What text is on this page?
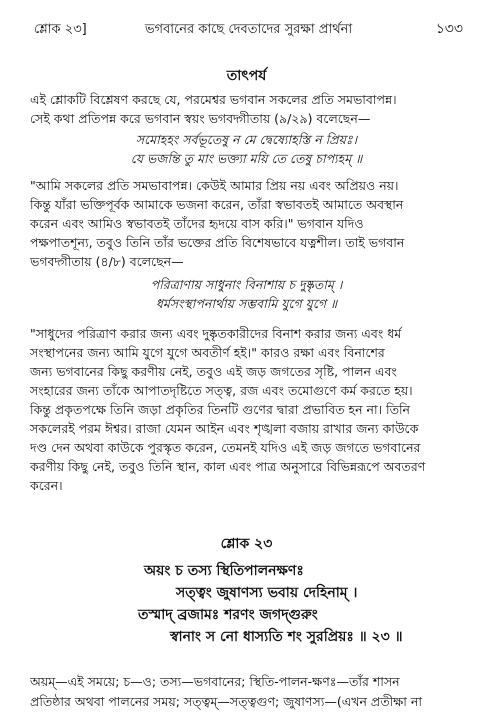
শ্লোক ২৩]	ভগবানের কাছে দেবতাদের সুরক্ষা প্রার্থনা	১৩৩
তাৎপর্য
এই শ্লোকটি বিশ্লেষণ করছে যে, পরমেশ্বর ভগবান সকলের প্রতি সমভাবাপন্ন।
সেই কথা প্রতিপন্ন করে ভগবান স্বয়ং ভগবদ্গীতায় (৯/২৯) বলেছেন—
সমোহহং সর্বভূতেষু ন মে দ্বেষ্যোহস্তি ন প্রিয়ঃ।
যে ভজন্তি তু মাং ভক্ত্যা ময়ি তে তেষু চাপ্যহম্ ॥
"আমি সকলের প্রতি সমভাবাপন্ন। কেউই আমার প্রিয় নয় এবং অপ্রিয়ও নয়।
কিন্তু যাঁরা ভক্তিপূর্বক আমাকে ভজনা করেন, তাঁরা স্বভাবতই আমাতে অবস্থান
করেন এবং আমিও স্বভাবতই তাঁদের হৃদয়ে বাস করি।" ভগবান যদিও
পক্ষপাতশূন্য, তবুও তিনি তাঁর ভক্তের প্রতি বিশেষভাবে যত্নশীল। তাই ভগবান
ভগবদ্গীতায় (৪/৮) বলেছেন—
পরিত্রাণায় সাধুনাং বিনাশায় চ দুষ্কৃতাম্ ।
ধর্মসংস্থাপনার্থায় সম্ভবামি যুগে যুগে ॥
"সাধুদের পরিত্রাণ করার জন্য এবং দুষ্কৃতকারীদের বিনাশ করার জন্য এবং ধর্ম
সংস্থাপনের জন্য আমি যুগে যুগে অবতীর্ণ হই।" কারও রক্ষা এবং বিনাশের
জন্য ভগবানের কিছু করণীয় নেই, তবুও এই জড় জগতের সৃষ্টি, পালন এবং
সংহারের জন্য তাঁকে আপাতদৃষ্টিতে সত্ত্ব, রজ এবং তমোগুণে কর্ম করতে হয়।
কিন্তু প্রকৃতপক্ষে তিনি জড়া প্রকৃতির তিনটি গুণের দ্বারা প্রভাবিত হন না। তিনি
সকলেরই পরম ঈশ্বর। রাজা যেমন আইন এবং শৃঙ্খলা বজায় রাখার জন্য কাউকে
দণ্ড দেন অথবা কাউকে পুরস্কৃত করেন, তেমনই যদিও এই জড় জগতে ভগবানের
করণীয় কিছু নেই, তবুও তিনি স্থান, কাল এবং পাত্র অনুসারে বিভিন্নরূপে অবতরণ
করেন।
শ্লোক ২৩
অয়ং চ তস্য স্থিতিপালনক্ষণঃ
সত্ত্বং জুষাণস্য ভবায় দেহিনাম্ ।
তস্মাদ্ ব্রজামঃ শরণং জগদ্গুরুং
স্বানাং স নো ধাস্যতি শং সুরপ্রিয়ঃ ॥ ২৩ ॥
অয়ম্—এই সময়ে; চ—ও; তস্য—ভগবানের; স্থিতি-পালন-ক্ষণঃ—তাঁর শাসন
প্রতিষ্ঠার অথবা পালনের সময়; সত্ত্বম্—সত্ত্বগুণ; জুষাণস্য—(এখন প্রতীক্ষা না
